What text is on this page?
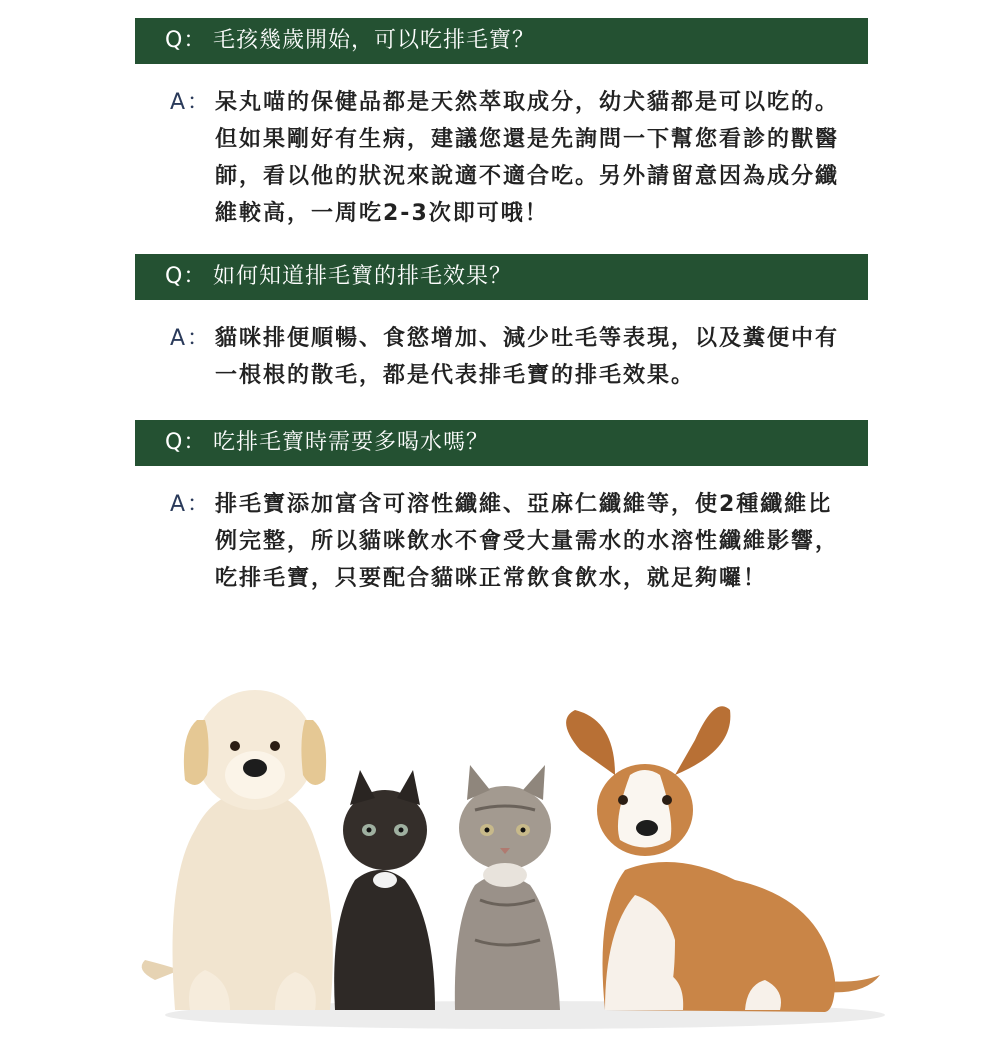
Q： 毛孩幾歲開始，可以吃排毛寶？
A： 呆丸喵的保健品都是天然萃取成分，幼犬貓都是可以吃的。但如果剛好有生病，建議您還是先詢問一下幫您看診的獸醫師，看以他的狀況來說適不適合吃。另外請留意因為成分纖維較高，一周吃2-3次即可哦！
Q： 如何知道排毛寶的排毛效果？
A： 貓咪排便順暢、食慾增加、減少吐毛等表現，以及糞便中有一根根的散毛，都是代表排毛寶的排毛效果。
Q： 吃排毛寶時需要多喝水嗎？
A： 排毛寶添加富含可溶性纖維、亞麻仁纖維等，使2種纖維比例完整，所以貓咪飲水不會受大量需水的水溶性纖維影響，吃排毛寶，只要配合貓咪正常飲食飲水，就足夠囉！
